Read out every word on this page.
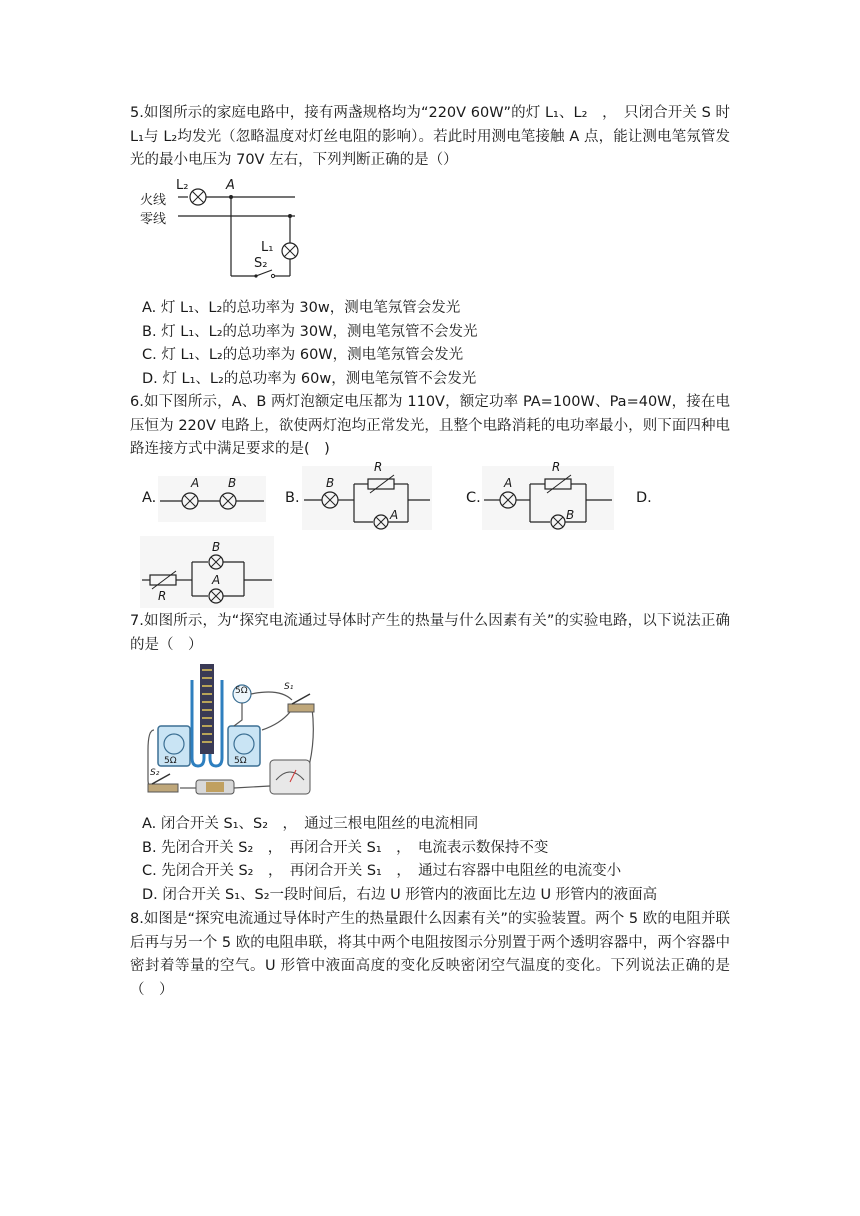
5.如图所示的家庭电路中，接有两盏规格均为“220V 60W”的灯 L₁、L₂　，　只闭合开关 S 时 L₁与 L₂均发光（忽略温度对灯丝电阻的影响）。若此时用测电笔接触 A 点，能让测电笔氖管发光的最小电压为 70V 左右，下列判断正确的是（）

火线
零线
L₂	A
L₁
S₂

A. 灯 L₁、L₂的总功率为 30w，测电笔氖管会发光

B. 灯 L₁、L₂的总功率为 30W，测电笔氖管不会发光

C. 灯 L₁、L₂的总功率为 60W，测电笔氖管会发光

D. 灯 L₁、L₂的总功率为 60w，测电笔氖管不会发光

6.如下图所示，A、B 两灯泡额定电压都为 110V，额定功率 PA=100W、Pa=40W，接在电压恒为 220V 电路上，欲使两灯泡均正常发光，且整个电路消耗的电功率最小，则下面四种电路连接方式中满足要求的是(　)

A.
A B
B.
B
R
A
C.
A
R
B
D.
B
A
R

7.如图所示，为“探究电流通过导体时产生的热量与什么因素有关”的实验电路，以下说法正确的是（　）

5Ω	5Ω
5Ω	S₁
S₂

A. 闭合开关 S₁、S₂　，　通过三根电阻丝的电流相同

B. 先闭合开关 S₂　，　再闭合开关 S₁　，　电流表示数保持不变

C. 先闭合开关 S₂　，　再闭合开关 S₁　，　通过右容器中电阻丝的电流变小

D. 闭合开关 S₁、S₂一段时间后，右边 U 形管内的液面比左边 U 形管内的液面高

8.如图是“探究电流通过导体时产生的热量跟什么因素有关”的实验装置。两个 5 欧的电阻并联后再与另一个 5 欧的电阻串联，将其中两个电阻按图示分别置于两个透明容器中，两个容器中密封着等量的空气。U 形管中液面高度的变化反映密闭空气温度的变化。下列说法正确的是（　）
